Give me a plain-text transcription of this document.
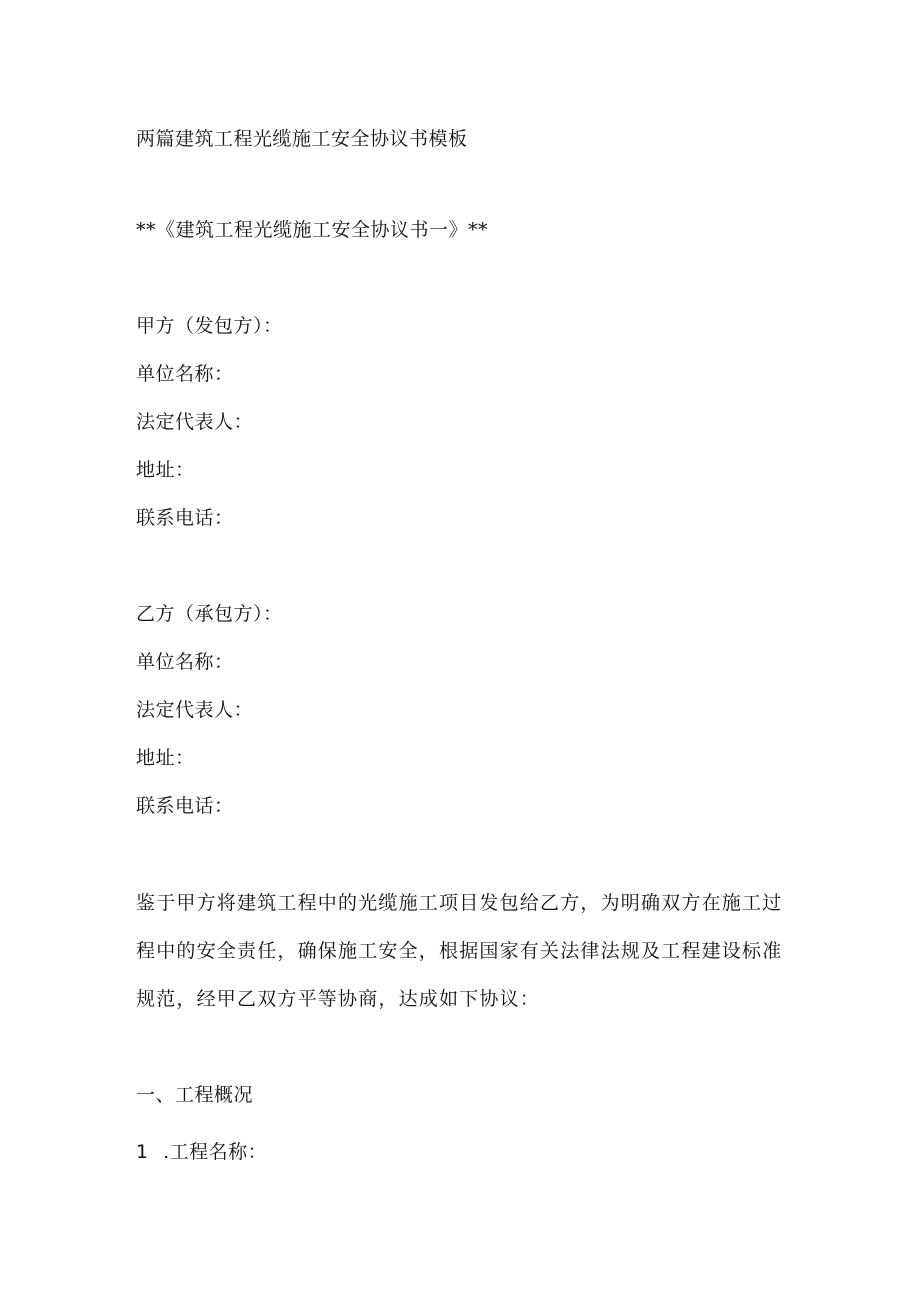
两篇建筑工程光缆施工安全协议书模板
**《建筑工程光缆施工安全协议书一》**
甲方（发包方）：
单位名称：
法定代表人：
地址：
联系电话：
乙方（承包方）：
单位名称：
法定代表人：
地址：
联系电话：
鉴于甲方将建筑工程中的光缆施工项目发包给乙方，为明确双方在施工过
程中的安全责任，确保施工安全，根据国家有关法律法规及工程建设标准
规范，经甲乙双方平等协商，达成如下协议：
一、工程概况
1 .工程名称：
